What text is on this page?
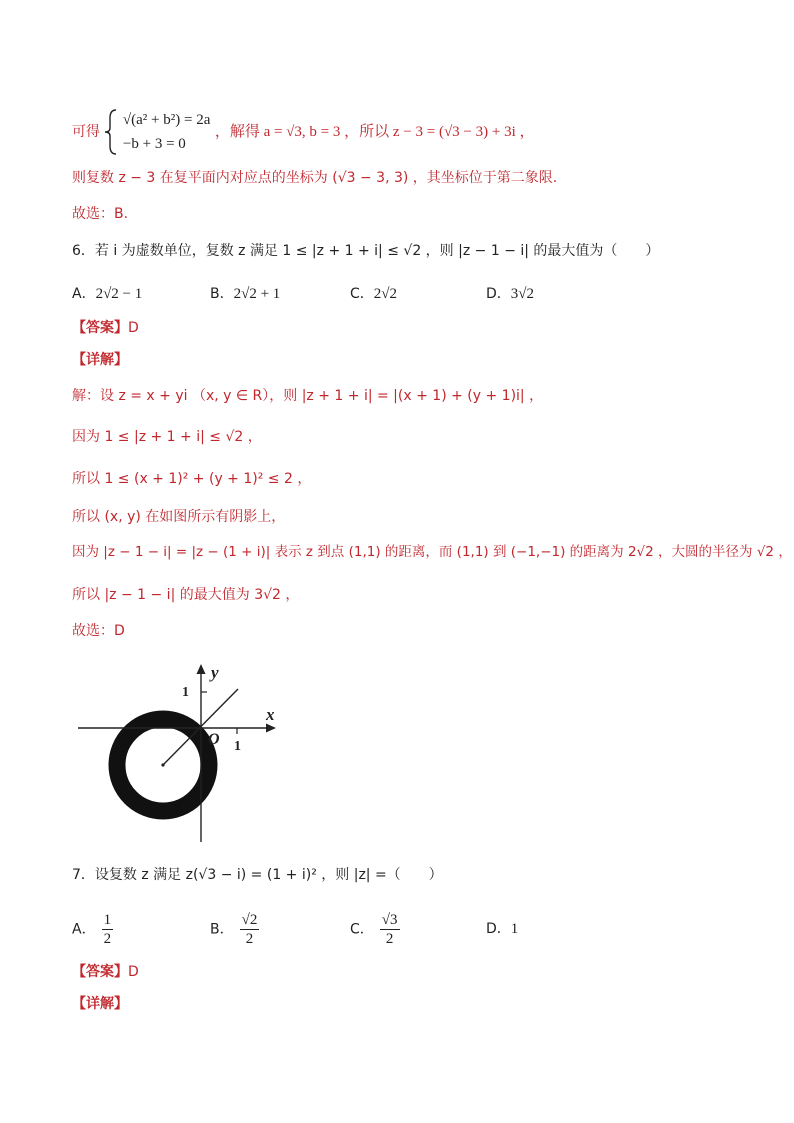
可得
√(a² + b²) = 2a
−b + 3 = 0
，解得 a = √3, b = 3 ，所以 z − 3 = (√3 − 3) + 3i ，
则复数 z − 3 在复平面内对应点的坐标为 (√3 − 3, 3) ，其坐标位于第二象限.
故选：B.
6．若 i 为虚数单位，复数 z 满足 1 ≤ |z + 1 + i| ≤ √2 ，则 |z − 1 − i| 的最大值为（　　）
A．2√2 − 1	B．2√2 + 1	C．2√2	D．3√2
【答案】D
【详解】
解：设 z = x + yi （x, y ∈ R），则 |z + 1 + i| = |(x + 1) + (y + 1)i| ，
因为 1 ≤ |z + 1 + i| ≤ √2 ，
所以 1 ≤ (x + 1)² + (y + 1)² ≤ 2 ，
所以 (x, y) 在如图所示有阴影上，
因为 |z − 1 − i| = |z − (1 + i)| 表示 z 到点 (1,1) 的距离，而 (1,1) 到 (−1,−1) 的距离为 2√2 ，大圆的半径为 √2 ，
所以 |z − 1 − i| 的最大值为 3√2 ，
故选：D
y
x
1
1
O
7．设复数 z 满足 z(√3 − i) = (1 + i)² ，则 |z| =（　　）
A． $\frac{1}{2}$	B． $\frac{√2}{2}$	C． $\frac{√3}{2}$	D．1
【答案】D
【详解】
